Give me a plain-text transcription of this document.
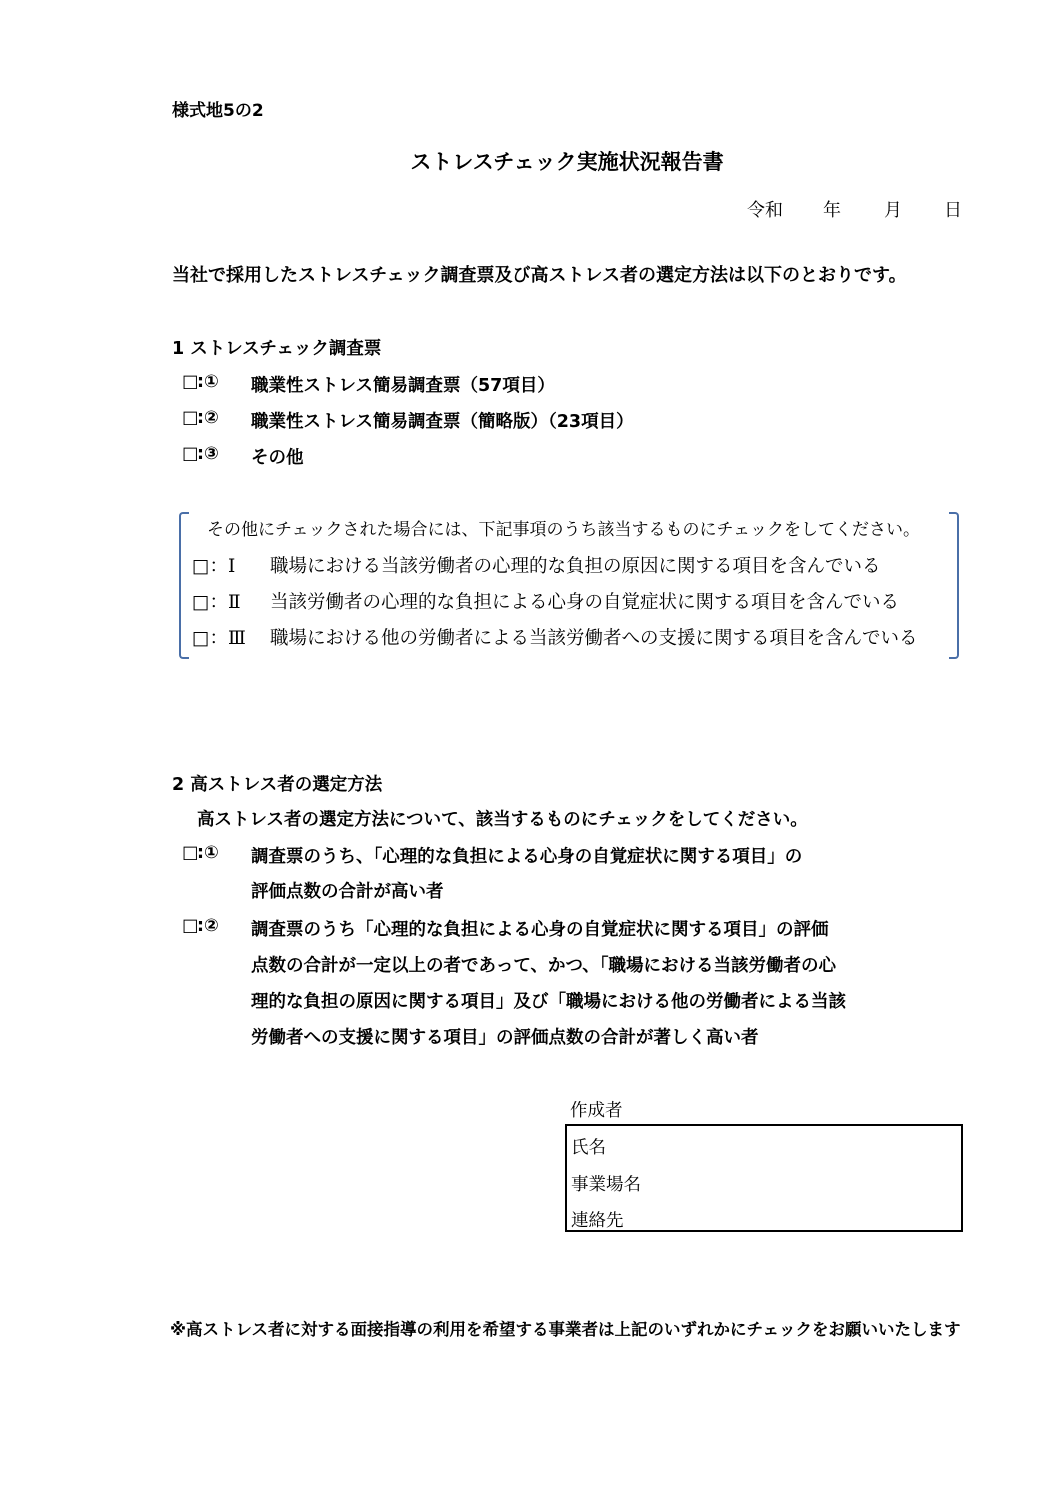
様式地5の2
ストレスチェック実施状況報告書
令和 年 月 日
当社で採用したストレスチェック調査票及び高ストレス者の選定方法は以下のとおりです。
1 ストレスチェック調査票
□:① 職業性ストレス簡易調査票（57項目）
□:② 職業性ストレス簡易調査票（簡略版）（23項目）
□:③ その他
その他にチェックされた場合には、下記事項のうち該当するものにチェックをしてください。
□：Ⅰ 職場における当該労働者の心理的な負担の原因に関する項目を含んでいる
□：Ⅱ 当該労働者の心理的な負担による心身の自覚症状に関する項目を含んでいる
□：Ⅲ 職場における他の労働者による当該労働者への支援に関する項目を含んでいる
2 高ストレス者の選定方法
高ストレス者の選定方法について、該当するものにチェックをしてください。
□:① 調査票のうち、「心理的な負担による心身の自覚症状に関する項目」の
評価点数の合計が高い者
□:② 調査票のうち「心理的な負担による心身の自覚症状に関する項目」の評価
点数の合計が一定以上の者であって、かつ、「職場における当該労働者の心
理的な負担の原因に関する項目」及び「職場における他の労働者による当該
労働者への支援に関する項目」の評価点数の合計が著しく高い者
作成者
氏名
事業場名
連絡先
※高ストレス者に対する面接指導の利用を希望する事業者は上記のいずれかにチェックをお願いいたします
